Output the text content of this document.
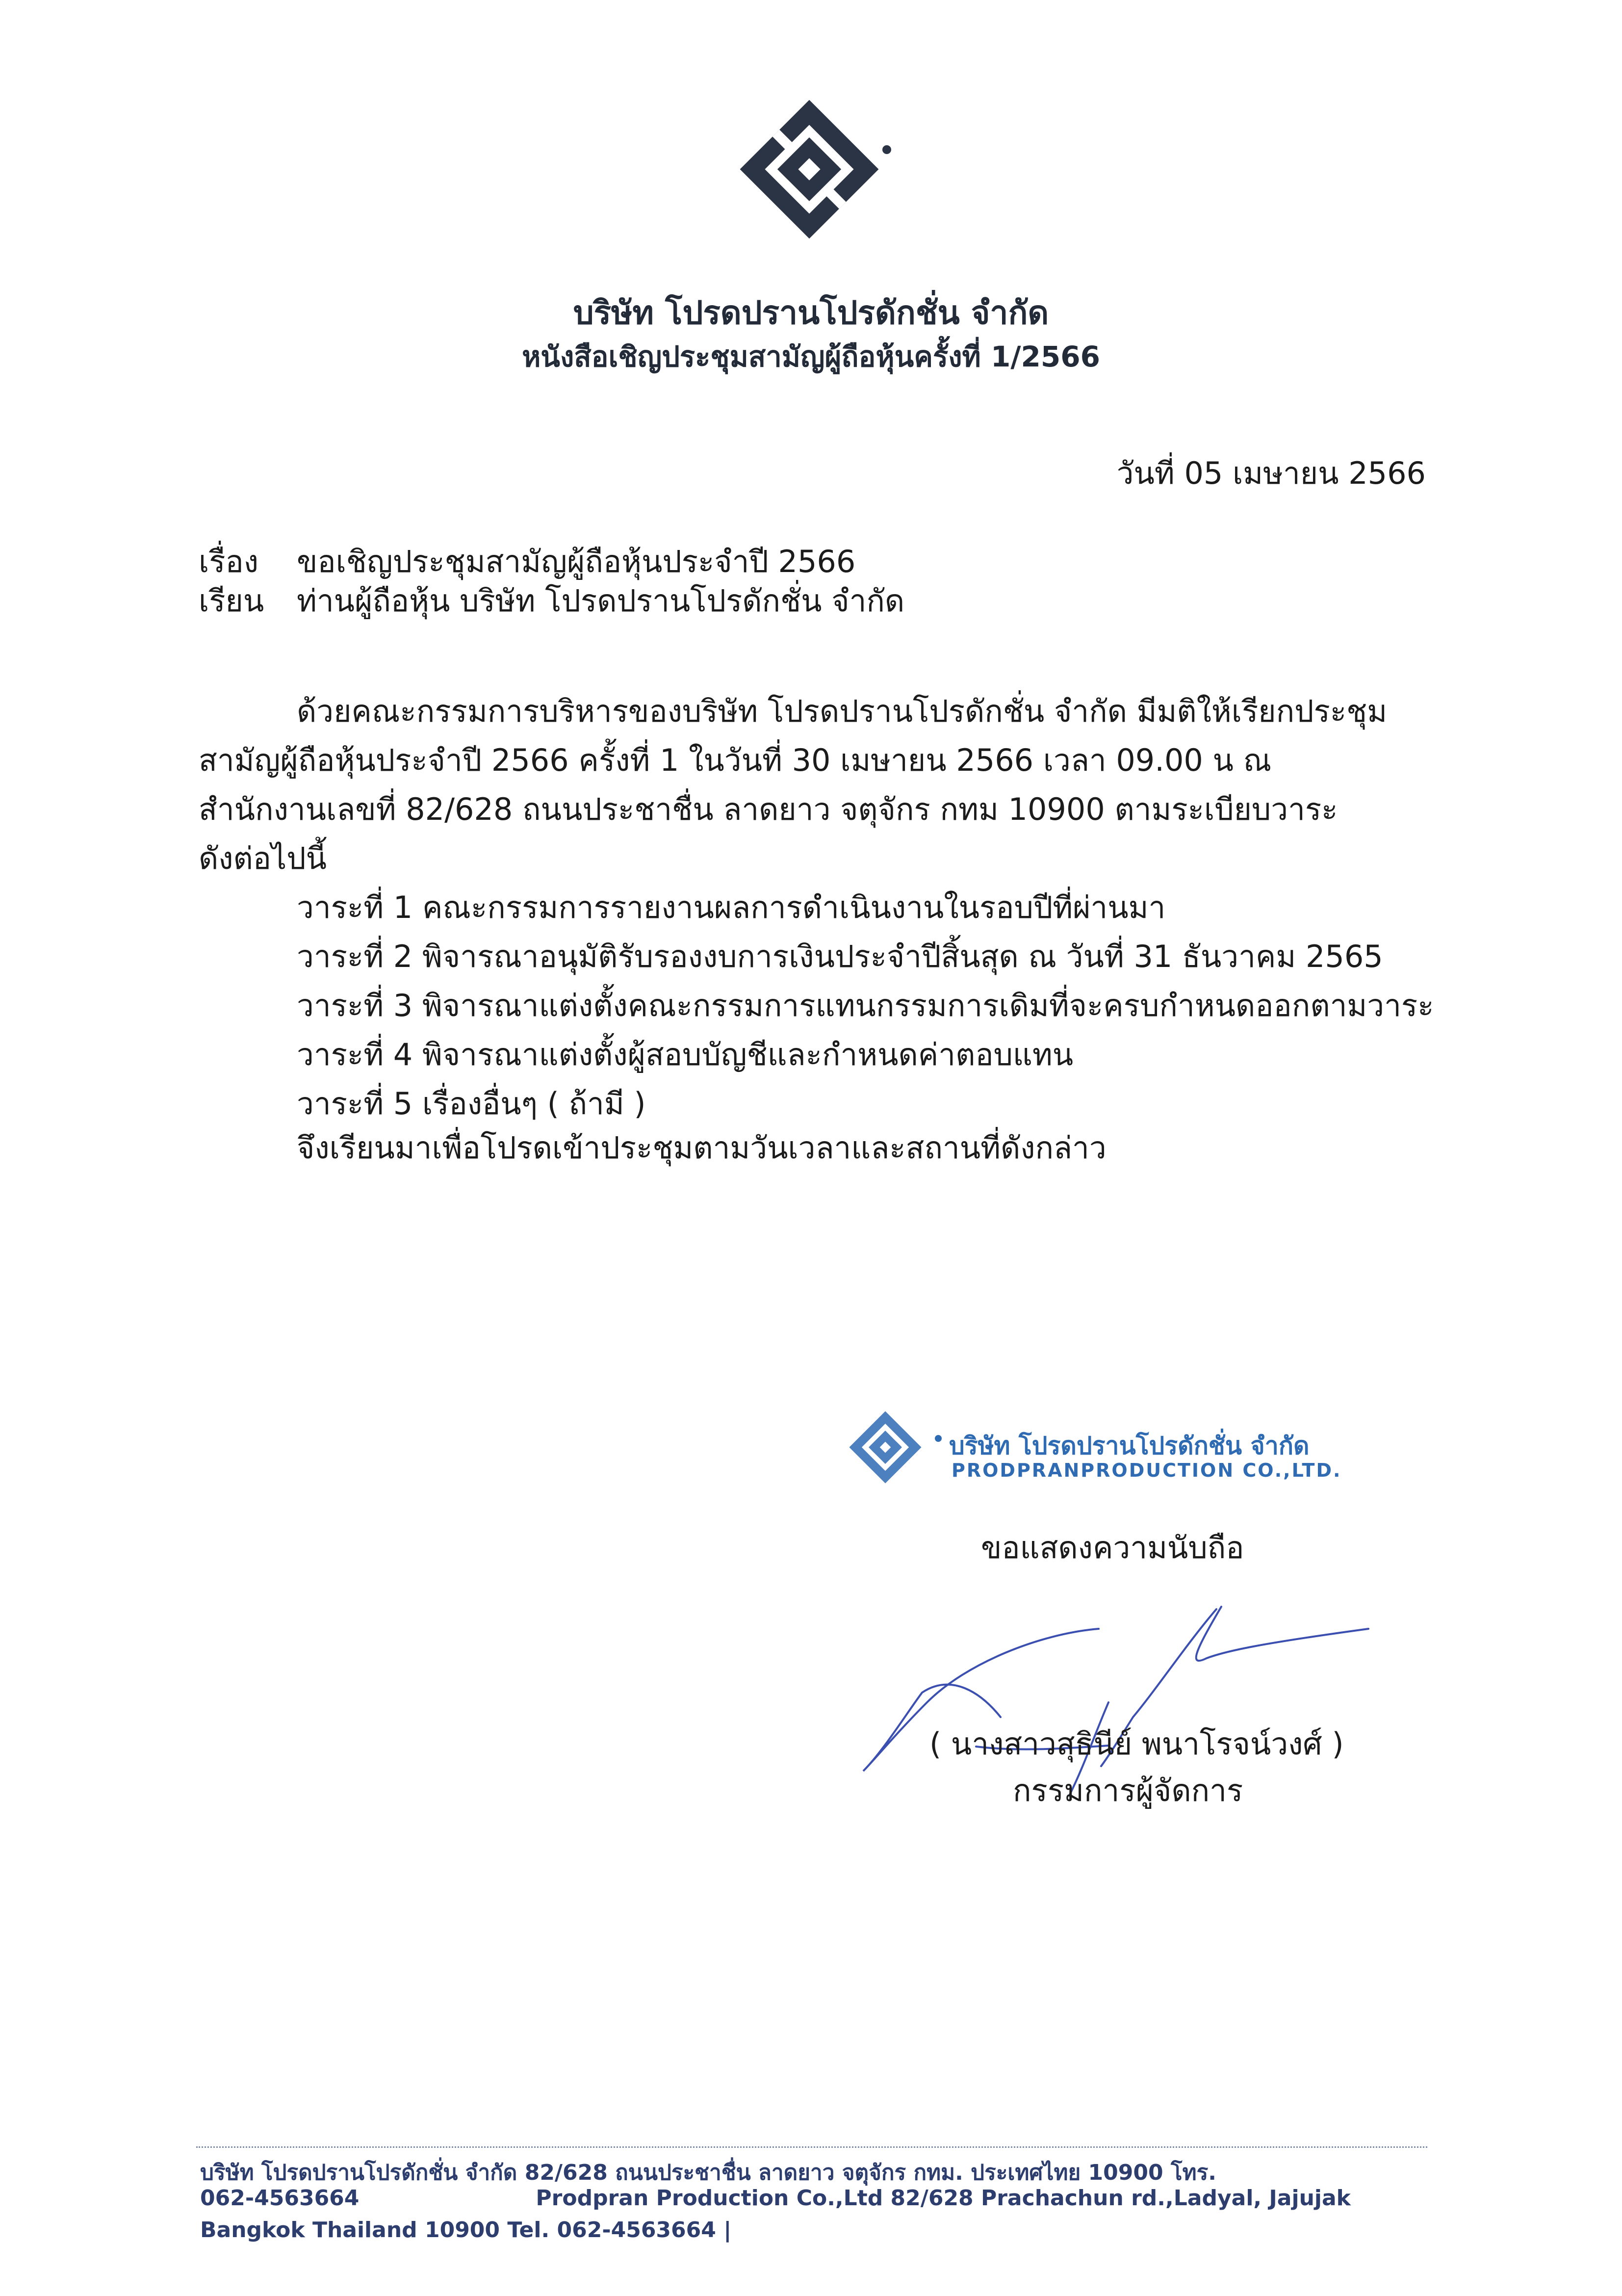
บริษัท โปรดปรานโปรดักชั่น จำกัด
หนังสือเชิญประชุมสามัญผู้ถือหุ้นครั้งที่ 1/2566
วันที่ 05 เมษายน 2566
เรื่อง	ขอเชิญประชุมสามัญผู้ถือหุ้นประจำปี 2566
เรียน	ท่านผู้ถือหุ้น บริษัท โปรดปรานโปรดักชั่น จำกัด

ด้วยคณะกรรมการบริหารของบริษัท โปรดปรานโปรดักชั่น จำกัด มีมติให้เรียกประชุม

สามัญผู้ถือหุ้นประจำปี 2566 ครั้งที่ 1 ในวันที่ 30 เมษายน 2566 เวลา 09.00 น ณ

สำนักงานเลขที่ 82/628 ถนนประชาชื่น ลาดยาว จตุจักร กทม 10900 ตามระเบียบวาระ

ดังต่อไปนี้

วาระที่ 1 คณะกรรมการรายงานผลการดำเนินงานในรอบปีที่ผ่านมา
วาระที่ 2 พิจารณาอนุมัติรับรองงบการเงินประจำปีสิ้นสุด ณ วันที่ 31 ธันวาคม 2565
วาระที่ 3 พิจารณาแต่งตั้งคณะกรรมการแทนกรรมการเดิมที่จะครบกำหนดออกตามวาระ
วาระที่ 4 พิจารณาแต่งตั้งผู้สอบบัญชีและกำหนดค่าตอบแทน
วาระที่ 5 เรื่องอื่นๆ ( ถ้ามี )
จึงเรียนมาเพื่อโปรดเข้าประชุมตามวันเวลาและสถานที่ดังกล่าว
บริษัท โปรดปรานโปรดักชั่น จำกัด
PRODPRANPRODUCTION CO.,LTD.
ขอแสดงความนับถือ
( นางสาวสุธินีย์ พนาโรจน์วงศ์ )
กรรมการผู้จัดการ
บริษัท โปรดปรานโปรดักชั่น จำกัด 82/628 ถนนประชาชื่น ลาดยาว จตุจักร กทม. ประเทศไทย 10900 โทร.
062-4563664	Prodpran Production Co.,Ltd 82/628 Prachachun rd.,Ladyal, Jajujak
Bangkok Thailand 10900 Tel. 062-4563664 |
